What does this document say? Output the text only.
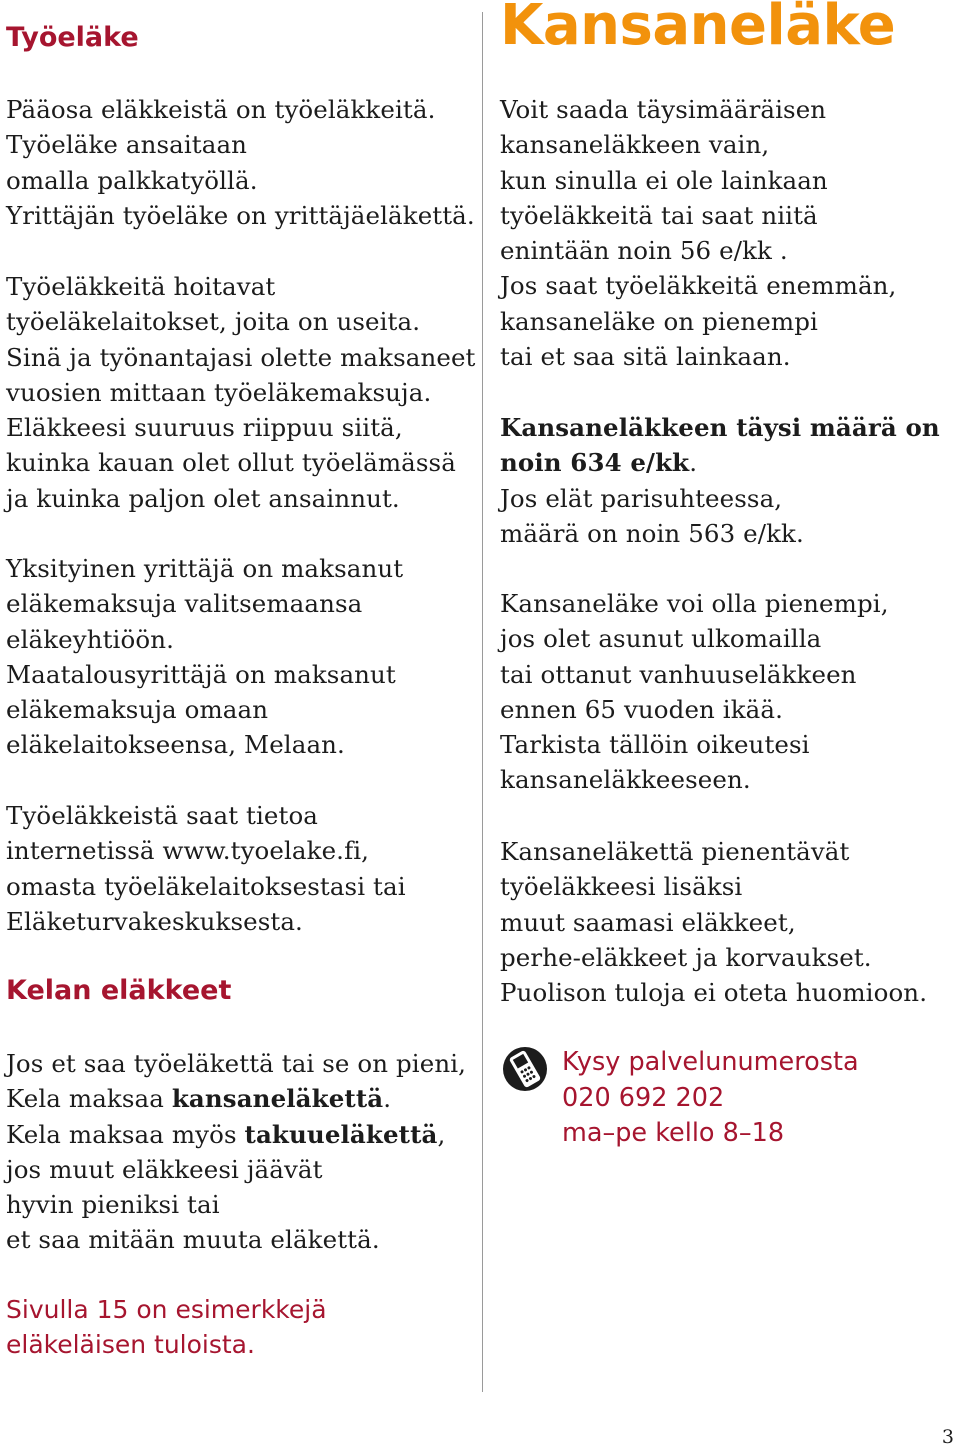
Työeläke
Pääosa eläkkeistä on työeläkkeitä.
Työeläke ansaitaan
omalla palkkatyöllä.
Yrittäjän työeläke on yrittäjäeläkettä.
Työeläkkeitä hoitavat
työeläkelaitokset, joita on useita.
Sinä ja työnantajasi olette maksaneet
vuosien mittaan työeläkemaksuja.
Eläkkeesi suuruus riippuu siitä,
kuinka kauan olet ollut työelämässä
ja kuinka paljon olet ansainnut.
Yksityinen yrittäjä on maksanut
eläkemaksuja valitsemaansa
eläkeyhtiöön.
Maatalousyrittäjä on maksanut
eläkemaksuja omaan
eläkelaitokseensa, Melaan.
Työeläkkeistä saat tietoa
internetissä www.tyoelake.fi,
omasta työeläkelaitoksestasi tai
Eläketurvakeskuksesta.
Kelan eläkkeet
Jos et saa työeläkettä tai se on pieni,
Kela maksaa kansaneläkettä.
Kela maksaa myös takuueläkettä,
jos muut eläkkeesi jäävät
hyvin pieniksi tai
et saa mitään muuta eläkettä.
Sivulla 15 on esimerkkejä
eläkeläisen tuloista.
Kansaneläke
Voit saada täysimääräisen
kansaneläkkeen vain,
kun sinulla ei ole lainkaan
työeläkkeitä tai saat niitä
enintään noin 56 e/kk .
Jos saat työeläkkeitä enemmän,
kansaneläke on pienempi
tai et saa sitä lainkaan.
Kansaneläkkeen täysi määrä on
noin 634 e/kk.
Jos elät parisuhteessa,
määrä on noin 563 e/kk.
Kansaneläke voi olla pienempi,
jos olet asunut ulkomailla
tai ottanut vanhuuseläkkeen
ennen 65 vuoden ikää.
Tarkista tällöin oikeutesi
kansaneläkkeeseen.
Kansaneläkettä pienentävät
työeläkkeesi lisäksi
muut saamasi eläkkeet,
perhe-eläkkeet ja korvaukset.
Puolison tuloja ei oteta huomioon.
Kysy palvelunumerosta
020 692 202
ma–pe kello 8–18
3
